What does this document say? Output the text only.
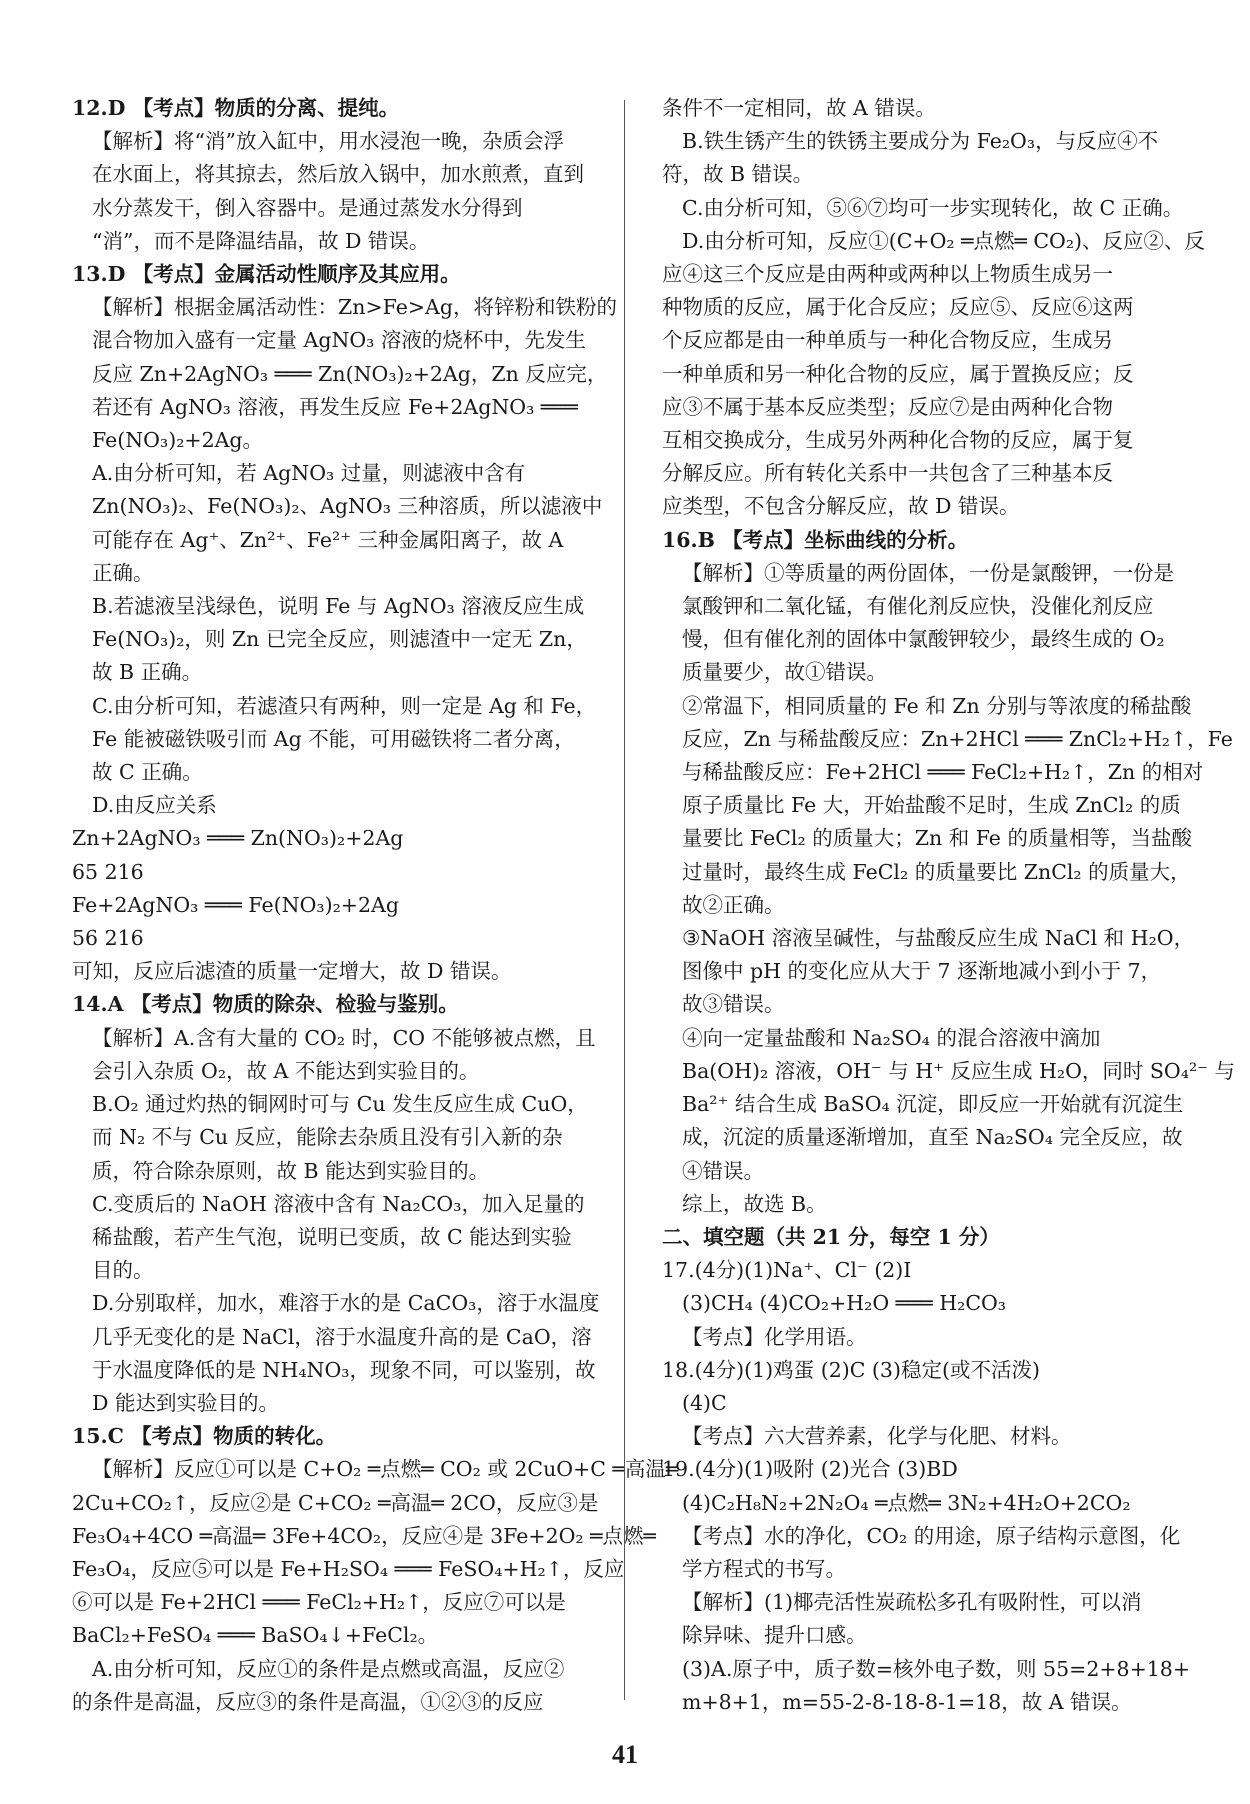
12.D 【考点】物质的分离、提纯。
【解析】将“消”放入缸中，用水浸泡一晚，杂质会浮
在水面上，将其掠去，然后放入锅中，加水煎煮，直到
水分蒸发干，倒入容器中。是通过蒸发水分得到
“消”，而不是降温结晶，故 D 错误。
13.D 【考点】金属活动性顺序及其应用。
【解析】根据金属活动性：Zn>Fe>Ag，将锌粉和铁粉的
混合物加入盛有一定量 AgNO₃ 溶液的烧杯中，先发生
反应 Zn+2AgNO₃ ═══ Zn(NO₃)₂+2Ag，Zn 反应完，
若还有 AgNO₃ 溶液，再发生反应 Fe+2AgNO₃ ═══
Fe(NO₃)₂+2Ag。
A.由分析可知，若 AgNO₃ 过量，则滤液中含有
Zn(NO₃)₂、Fe(NO₃)₂、AgNO₃ 三种溶质，所以滤液中
可能存在 Ag⁺、Zn²⁺、Fe²⁺ 三种金属阳离子，故 A
正确。
B.若滤液呈浅绿色，说明 Fe 与 AgNO₃ 溶液反应生成
Fe(NO₃)₂，则 Zn 已完全反应，则滤渣中一定无 Zn，
故 B 正确。
C.由分析可知，若滤渣只有两种，则一定是 Ag 和 Fe，
Fe 能被磁铁吸引而 Ag 不能，可用磁铁将二者分离，
故 C 正确。
D.由反应关系
Zn+2AgNO₃ ═══ Zn(NO₃)₂+2Ag
65 216
Fe+2AgNO₃ ═══ Fe(NO₃)₂+2Ag
56 216
可知，反应后滤渣的质量一定增大，故 D 错误。
14.A 【考点】物质的除杂、检验与鉴别。
【解析】A.含有大量的 CO₂ 时，CO 不能够被点燃，且
会引入杂质 O₂，故 A 不能达到实验目的。
B.O₂ 通过灼热的铜网时可与 Cu 发生反应生成 CuO，
而 N₂ 不与 Cu 反应，能除去杂质且没有引入新的杂
质，符合除杂原则，故 B 能达到实验目的。
C.变质后的 NaOH 溶液中含有 Na₂CO₃，加入足量的
稀盐酸，若产生气泡，说明已变质，故 C 能达到实验
目的。
D.分别取样，加水，难溶于水的是 CaCO₃，溶于水温度
几乎无变化的是 NaCl，溶于水温度升高的是 CaO，溶
于水温度降低的是 NH₄NO₃，现象不同，可以鉴别，故
D 能达到实验目的。
15.C 【考点】物质的转化。
【解析】反应①可以是 C+O₂ ═点燃═ CO₂ 或 2CuO+C ═高温═
2Cu+CO₂↑，反应②是 C+CO₂ ═高温═ 2CO，反应③是
Fe₃O₄+4CO ═高温═ 3Fe+4CO₂，反应④是 3Fe+2O₂ ═点燃═
Fe₃O₄，反应⑤可以是 Fe+H₂SO₄ ═══ FeSO₄+H₂↑，反应
⑥可以是 Fe+2HCl ═══ FeCl₂+H₂↑，反应⑦可以是
BaCl₂+FeSO₄ ═══ BaSO₄↓+FeCl₂。
A.由分析可知，反应①的条件是点燃或高温，反应②
的条件是高温，反应③的条件是高温，①②③的反应
条件不一定相同，故 A 错误。
B.铁生锈产生的铁锈主要成分为 Fe₂O₃，与反应④不
符，故 B 错误。
C.由分析可知，⑤⑥⑦均可一步实现转化，故 C 正确。
D.由分析可知，反应①(C+O₂ ═点燃═ CO₂)、反应②、反
应④这三个反应是由两种或两种以上物质生成另一
种物质的反应，属于化合反应；反应⑤、反应⑥这两
个反应都是由一种单质与一种化合物反应，生成另
一种单质和另一种化合物的反应，属于置换反应；反
应③不属于基本反应类型；反应⑦是由两种化合物
互相交换成分，生成另外两种化合物的反应，属于复
分解反应。所有转化关系中一共包含了三种基本反
应类型，不包含分解反应，故 D 错误。
16.B 【考点】坐标曲线的分析。
【解析】①等质量的两份固体，一份是氯酸钾，一份是
氯酸钾和二氧化锰，有催化剂反应快，没催化剂反应
慢，但有催化剂的固体中氯酸钾较少，最终生成的 O₂
质量要少，故①错误。
②常温下，相同质量的 Fe 和 Zn 分别与等浓度的稀盐酸
反应，Zn 与稀盐酸反应：Zn+2HCl ═══ ZnCl₂+H₂↑，Fe
与稀盐酸反应：Fe+2HCl ═══ FeCl₂+H₂↑，Zn 的相对
原子质量比 Fe 大，开始盐酸不足时，生成 ZnCl₂ 的质
量要比 FeCl₂ 的质量大；Zn 和 Fe 的质量相等，当盐酸
过量时，最终生成 FeCl₂ 的质量要比 ZnCl₂ 的质量大，
故②正确。
③NaOH 溶液呈碱性，与盐酸反应生成 NaCl 和 H₂O，
图像中 pH 的变化应从大于 7 逐渐地减小到小于 7，
故③错误。
④向一定量盐酸和 Na₂SO₄ 的混合溶液中滴加
Ba(OH)₂ 溶液，OH⁻ 与 H⁺ 反应生成 H₂O，同时 SO₄²⁻ 与
Ba²⁺ 结合生成 BaSO₄ 沉淀，即反应一开始就有沉淀生
成，沉淀的质量逐渐增加，直至 Na₂SO₄ 完全反应，故
④错误。
综上，故选 B。
二、填空题（共 21 分，每空 1 分）
17.(4分)(1)Na⁺、Cl⁻ (2)I
(3)CH₄ (4)CO₂+H₂O ═══ H₂CO₃
【考点】化学用语。
18.(4分)(1)鸡蛋 (2)C (3)稳定(或不活泼)
(4)C
【考点】六大营养素，化学与化肥、材料。
19.(4分)(1)吸附 (2)光合 (3)BD
(4)C₂H₈N₂+2N₂O₄ ═点燃═ 3N₂+4H₂O+2CO₂
【考点】水的净化，CO₂ 的用途，原子结构示意图，化
学方程式的书写。
【解析】(1)椰壳活性炭疏松多孔有吸附性，可以消
除异味、提升口感。
(3)A.原子中，质子数=核外电子数，则 55=2+8+18+
m+8+1，m=55-2-8-18-8-1=18，故 A 错误。
41
